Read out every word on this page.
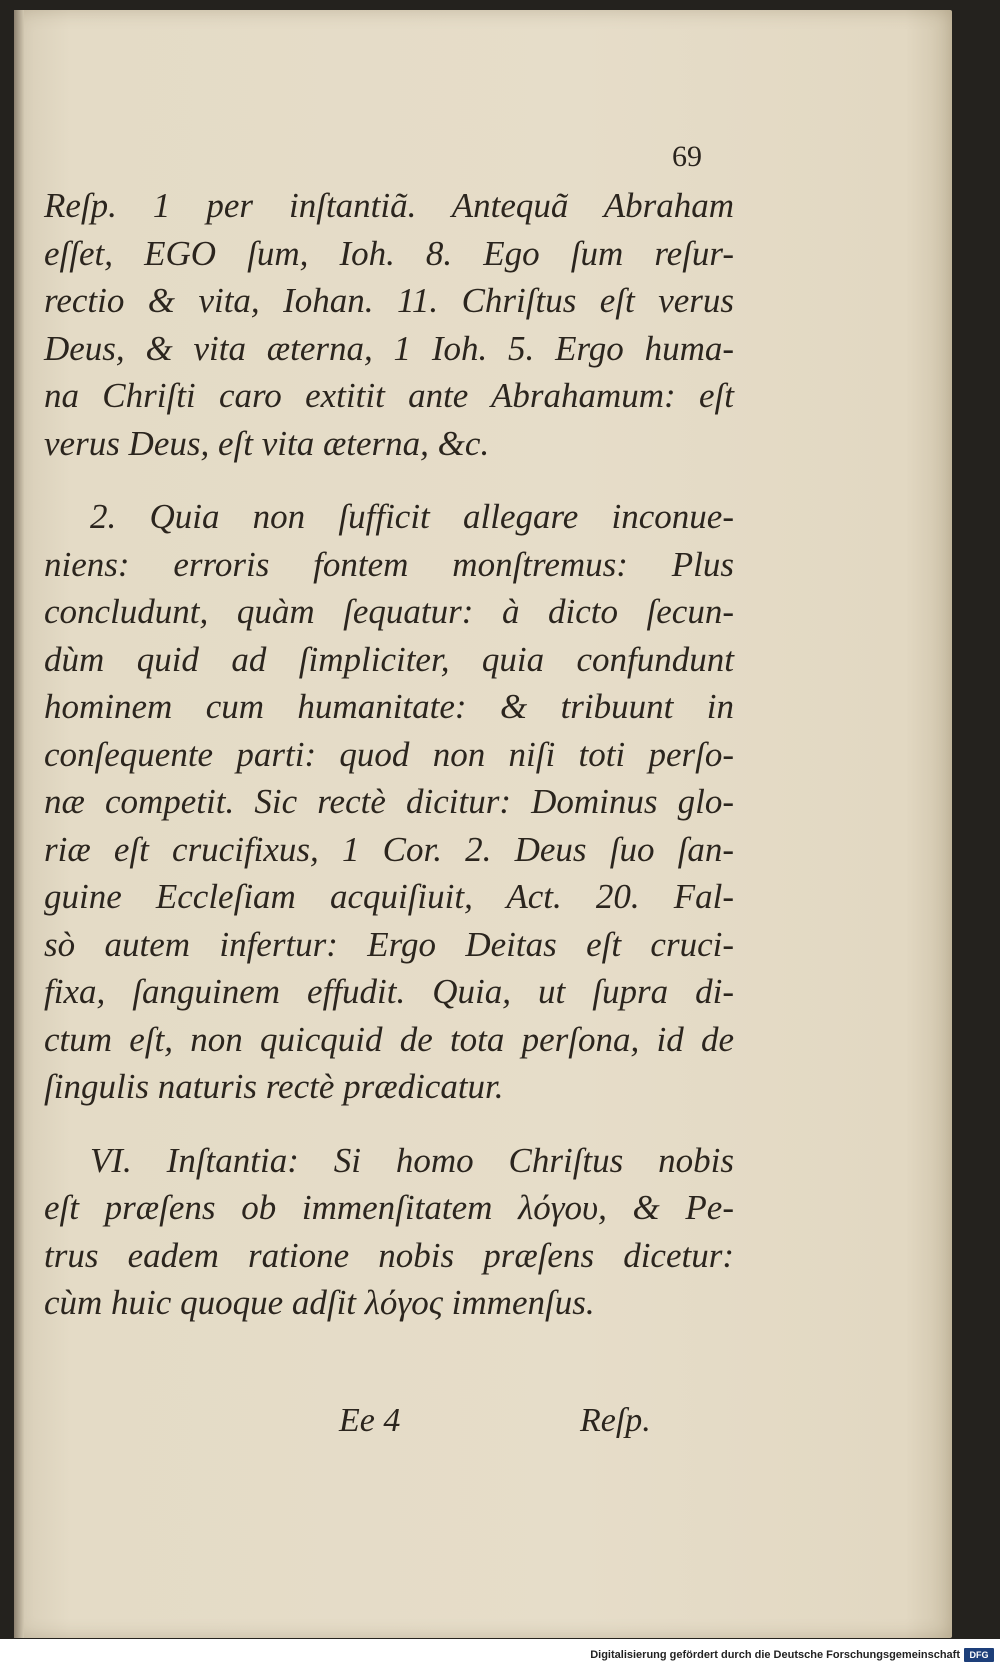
69
Reſp. 1 per inſtantiã. Antequã Abraham
eſſet, EGO ſum, Ioh. 8. Ego ſum reſur-
rectio & vita, Iohan. 11. Chriſtus eſt verus
Deus, & vita æterna, 1 Ioh. 5. Ergo huma-
na Chriſti caro extitit ante Abrahamum: eſt
verus Deus, eſt vita æterna, &c.
2. Quia non ſufficit allegare inconue-
niens: erroris fontem monſtremus: Plus
concludunt, quàm ſequatur: à dicto ſecun-
dùm quid ad ſimpliciter, quia confundunt
hominem cum humanitate: & tribuunt in
conſequente parti: quod non niſi toti perſo-
næ competit. Sic rectè dicitur: Dominus glo-
riæ eſt crucifixus, 1 Cor. 2. Deus ſuo ſan-
guine Eccleſiam acquiſiuit, Act. 20. Fal-
sò autem infertur: Ergo Deitas eſt cruci-
fixa, ſanguinem effudit. Quia, ut ſupra di-
ctum eſt, non quicquid de tota perſona, id de
ſingulis naturis rectè prædicatur.
VI. Inſtantia: Si homo Chriſtus nobis
eſt præſens ob immenſitatem λόγου, & Pe-
trus eadem ratione nobis præſens dicetur:
cùm huic quoque adſit λόγος immenſus.
Ee 4	Reſp.
Digitalisierung gefördert durch die Deutsche Forschungsgemeinschaft	DFG
